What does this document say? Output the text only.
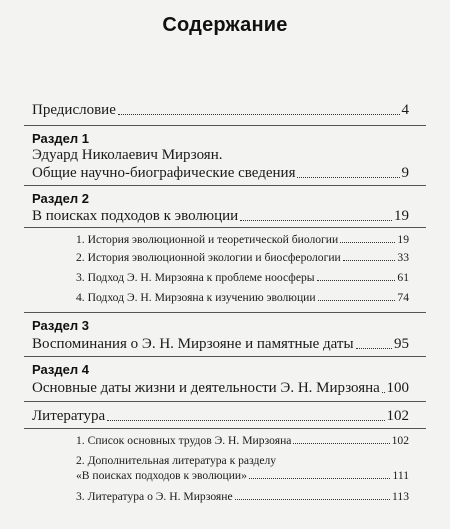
Содержание
Предисловие	4
Раздел 1
Эдуард Николаевич Мирзоян.
Общие научно-биографические сведения	9
Раздел 2
В поисках подходов к эволюции	19
1. История эволюционной и теоретической биологии	19
2. История эволюционной экологии и биосферологии	33
3. Подход Э. Н. Мирзояна к проблеме ноосферы	61
4. Подход Э. Н. Мирзояна к изучению эволюции	74
Раздел 3
Воспоминания о Э. Н. Мирзояне и памятные даты	95
Раздел 4
Основные даты жизни и деятельности Э. Н. Мирзояна 100
Литература	102
1. Список основных трудов Э. Н. Мирзояна	102
2. Дополнительная литература к разделу
«В поисках подходов к эволюции»	111
3. Литература о Э. Н. Мирзояне	113
